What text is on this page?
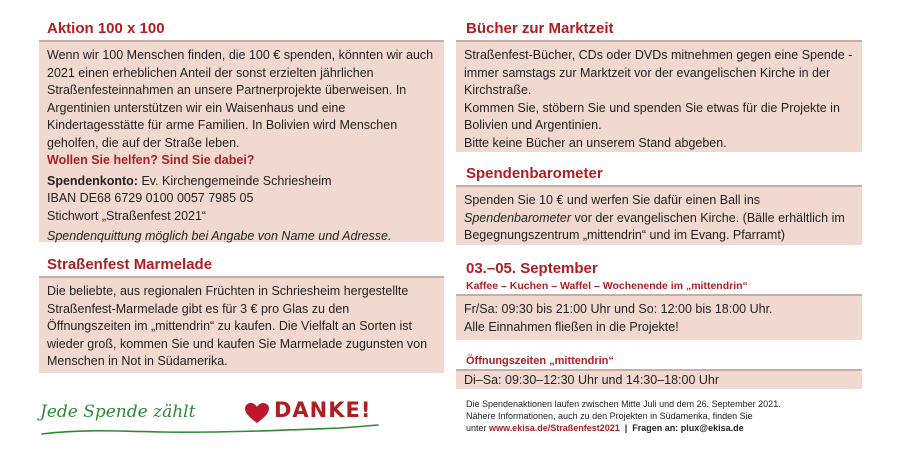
Aktion 100 x 100

Wenn wir 100 Menschen finden, die 100 € spenden, könnten wir auch 2021 einen erheblichen Anteil der sonst erzielten jährlichen Straßenfesteinnahmen an unsere Partnerprojekte überweisen. In Argentinien unterstützen wir ein Waisenhaus und eine Kindertagesstätte für arme Familien. In Bolivien wird Menschen geholfen, die auf der Straße leben.

Wollen Sie helfen? Sind Sie dabei?

Spendenkonto: Ev. Kirchengemeinde Schriesheim

IBAN DE68 6729 0100 0057 7985 05

Stichwort „Straßenfest 2021“

Spendenquittung möglich bei Angabe von Name und Adresse.

Straßenfest Marmelade

Die beliebte, aus regionalen Früchten in Schriesheim hergestellte Straßenfest-Marmelade gibt es für 3 € pro Glas zu den Öffnungszeiten im „mittendrin“ zu kaufen. Die Vielfalt an Sorten ist wieder groß, kommen Sie und kaufen Sie Marmelade zugunsten von Menschen in Not in Südamerika.

Jede Spende zählt	DANKE!
Bücher zur Marktzeit

Straßenfest-Bücher, CDs oder DVDs mitnehmen gegen eine Spende - immer samstags zur Marktzeit vor der evangelischen Kirche in der Kirchstraße.

Kommen Sie, stöbern Sie und spenden Sie etwas für die Projekte in Bolivien und Argentinien.

Bitte keine Bücher an unserem Stand abgeben.

Spendenbarometer

Spenden Sie 10 € und werfen Sie dafür einen Ball ins Spendenbarometer vor der evangelischen Kirche. (Bälle erhältlich im Begegnungszentrum „mittendrin“ und im Evang. Pfarramt)

03.–05. September
Kaffee – Kuchen – Waffel – Wochenende im „mittendrin“

Fr/Sa: 09:30 bis 21:00 Uhr und So: 12:00 bis 18:00 Uhr.

Alle Einnahmen fließen in die Projekte!

Öffnungszeiten „mittendrin“

Di–Sa: 09:30–12:30 Uhr und 14:30–18:00 Uhr

Die Spendenaktionen laufen zwischen Mitte Juli und dem 26. September 2021.
Nähere Informationen, auch zu den Projekten in Südamerika, finden Sie
unter www.ekisa.de/Straßenfest2021  |  Fragen an: plux@ekisa.de
